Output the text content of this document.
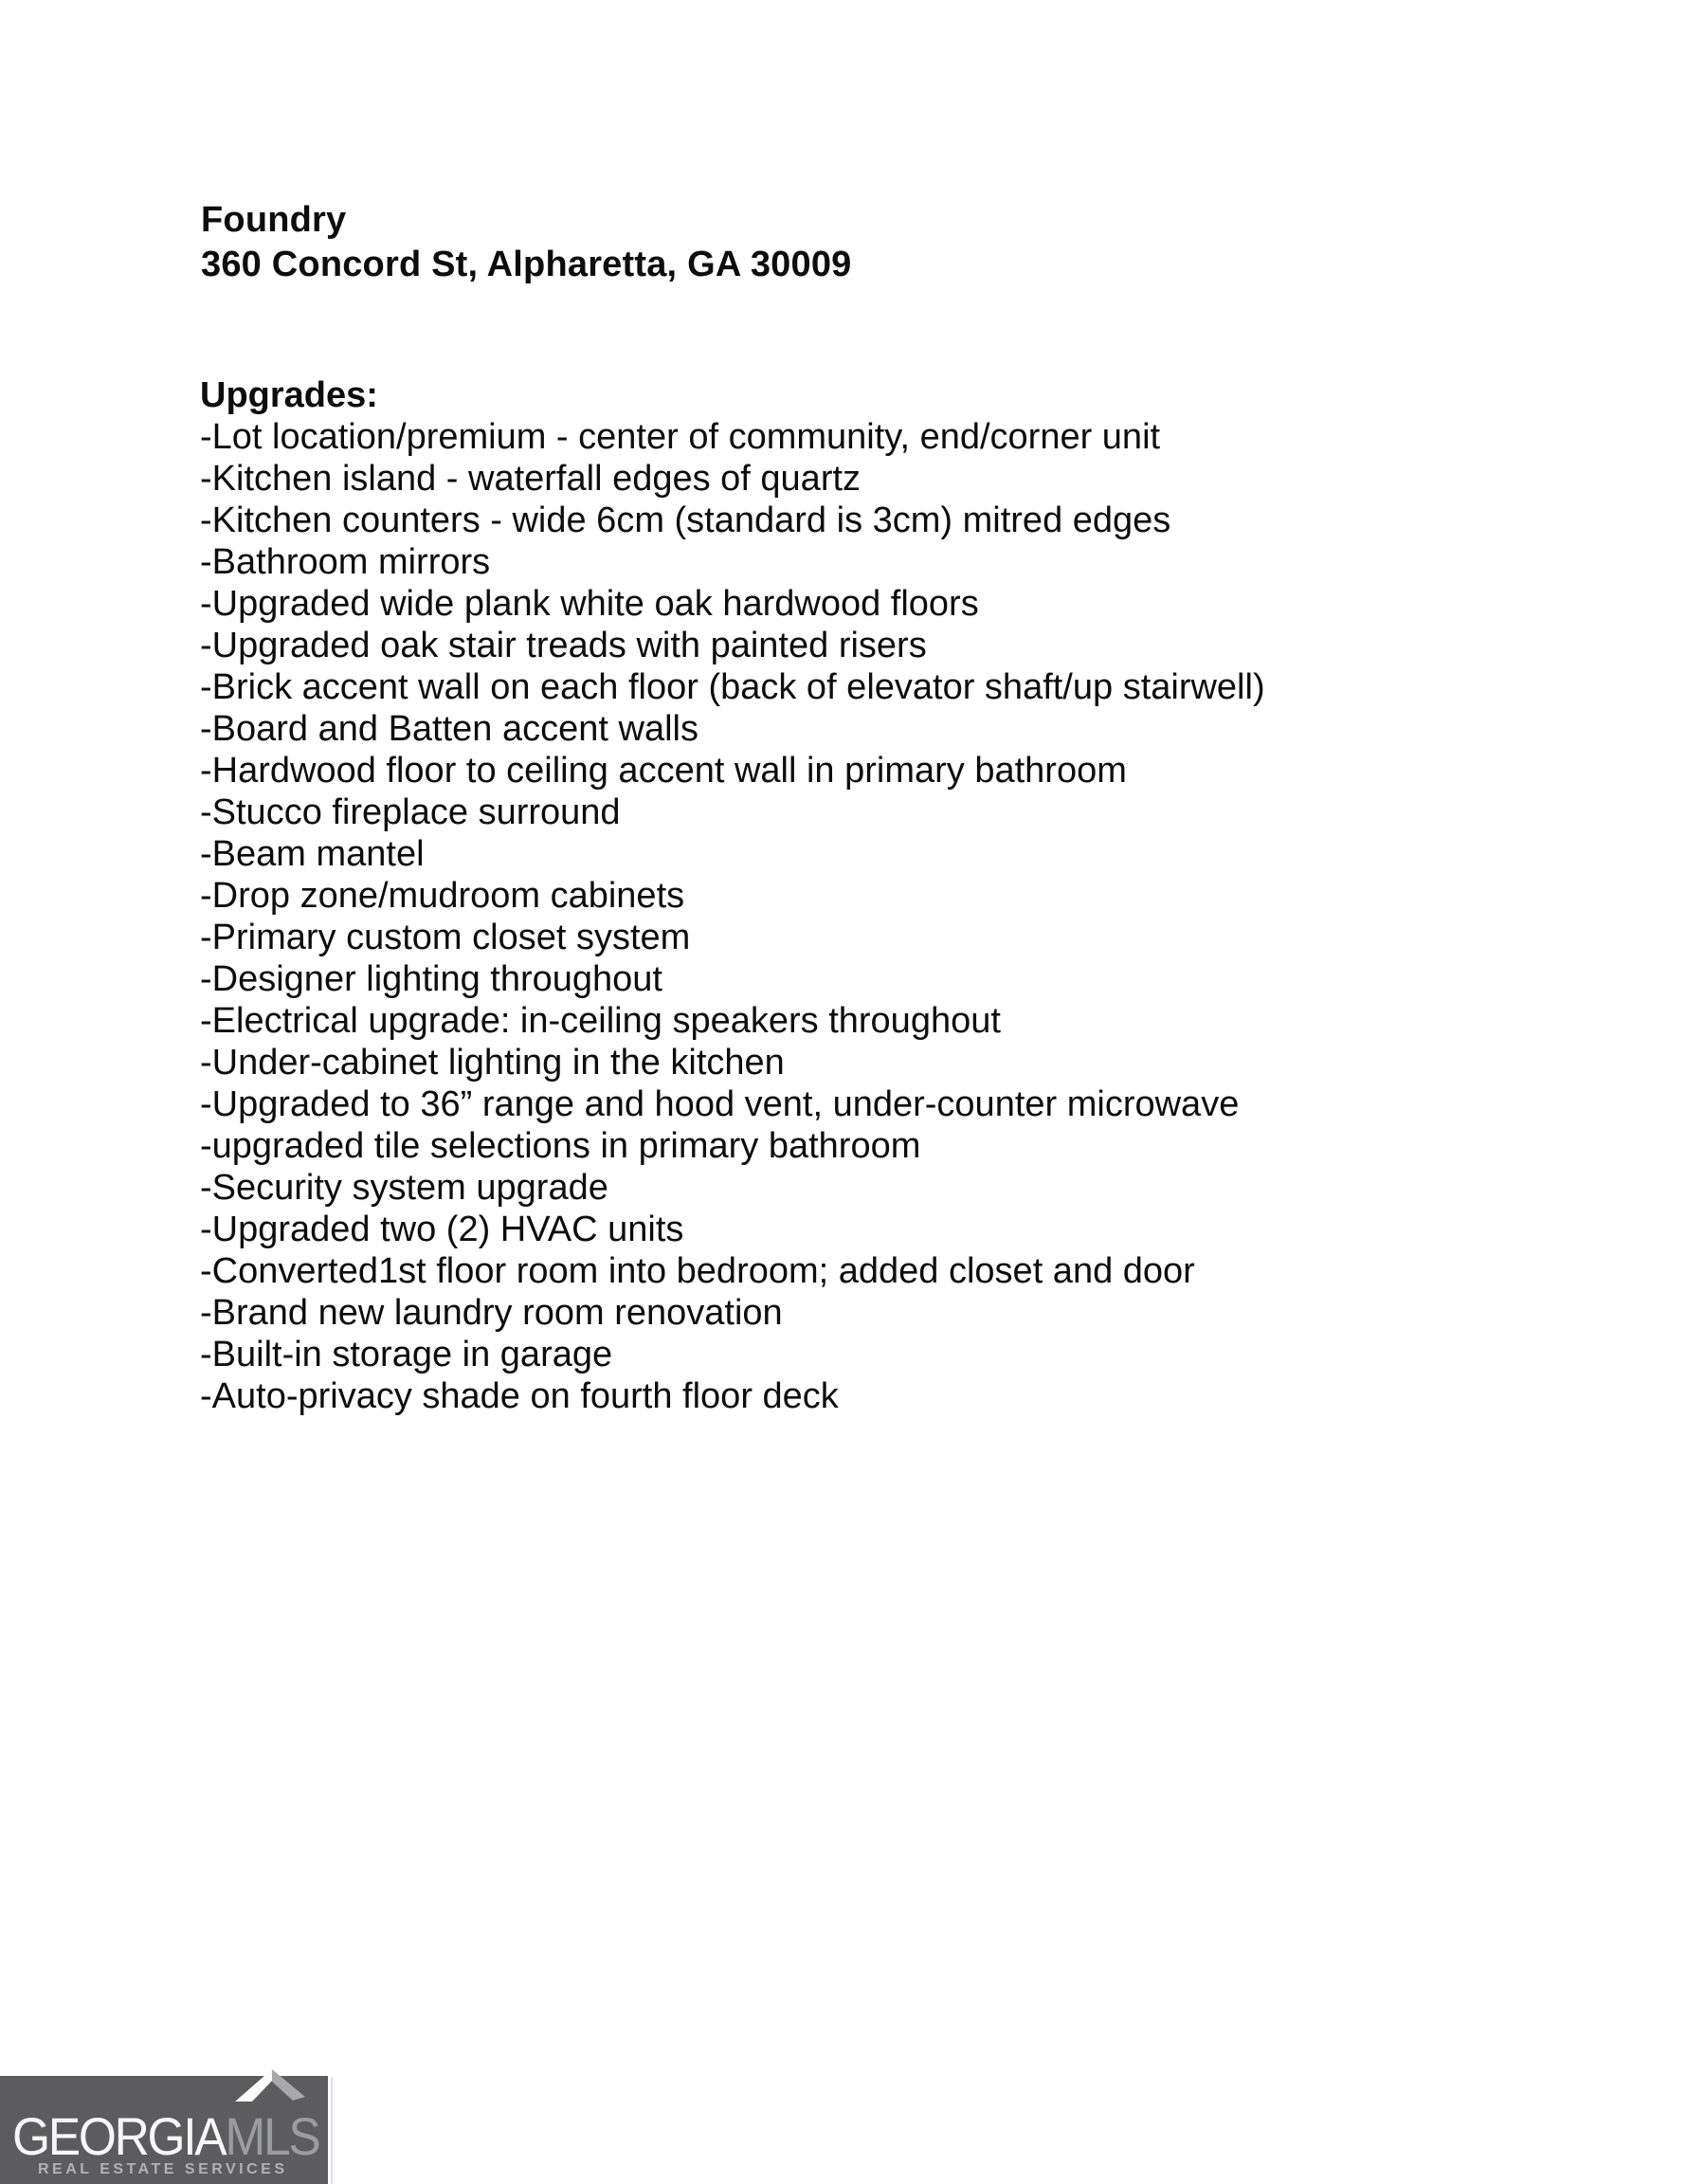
Foundry
360 Concord St, Alpharetta, GA 30009
Upgrades:
-Lot location/premium - center of community, end/corner unit
-Kitchen island - waterfall edges of quartz
-Kitchen counters - wide 6cm (standard is 3cm) mitred edges
-Bathroom mirrors
-Upgraded wide plank white oak hardwood floors
-Upgraded oak stair treads with painted risers
-Brick accent wall on each floor (back of elevator shaft/up stairwell)
-Board and Batten accent walls
-Hardwood floor to ceiling accent wall in primary bathroom
-Stucco fireplace surround
-Beam mantel
-Drop zone/mudroom cabinets
-Primary custom closet system
-Designer lighting throughout
-Electrical upgrade: in-ceiling speakers throughout
-Under-cabinet lighting in the kitchen
-Upgraded to 36” range and hood vent, under-counter microwave
-upgraded tile selections in primary bathroom
-Security system upgrade
-Upgraded two (2) HVAC units
-Converted1st floor room into bedroom; added closet and door
-Brand new laundry room renovation
-Built-in storage in garage
-Auto-privacy shade on fourth floor deck
GEORGIA MLS
REAL ESTATE SERVICES
